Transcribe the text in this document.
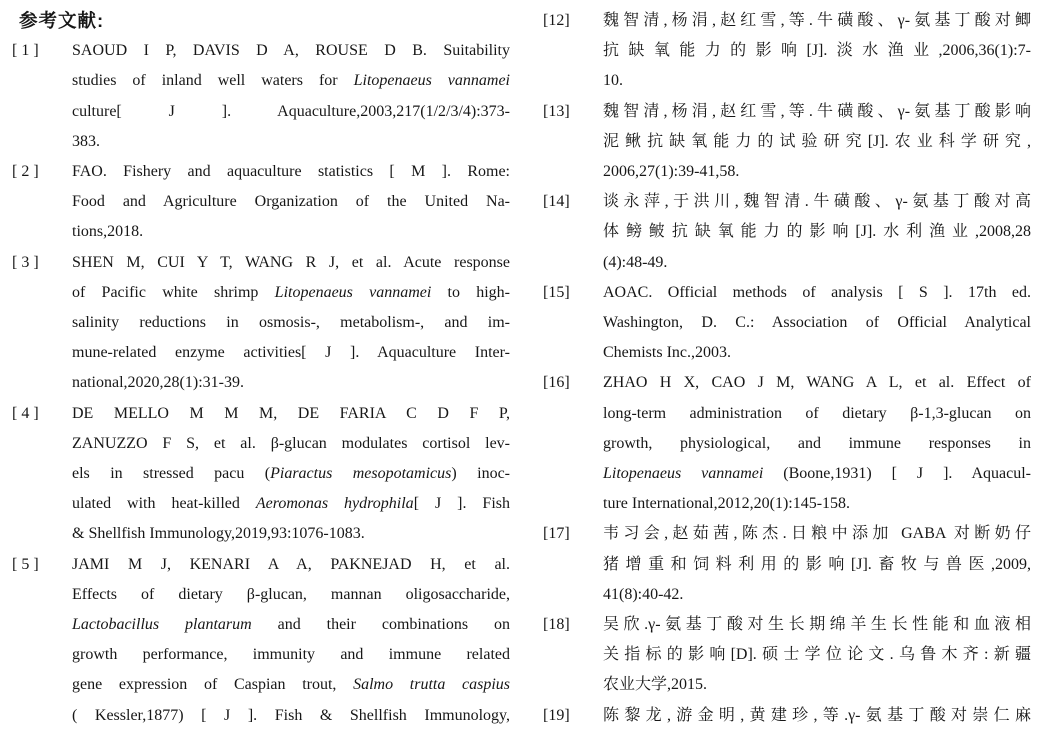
参考文献:
[ 1 ]	SAOUD I P, DAVIS D A, ROUSE D B. Suitability
studies of inland well waters for Litopenaeus vannamei
culture[ J ]. Aquaculture,2003,217(1/2/3/4):373-
383.
[ 2 ]	FAO. Fishery and aquaculture statistics [ M ]. Rome:
Food and Agriculture Organization of the United Na-
tions,2018.
[ 3 ]	SHEN M, CUI Y T, WANG R J, et al. Acute response
of Pacific white shrimp Litopenaeus vannamei to high-
salinity reductions in osmosis-, metabolism-, and im-
mune-related enzyme activities[ J ]. Aquaculture Inter-
national,2020,28(1):31-39.
[ 4 ]	DE MELLO M M M, DE FARIA C D F P,
ZANUZZO F S, et al. β-glucan modulates cortisol lev-
els in stressed pacu (Piaractus mesopotamicus) inoc-
ulated with heat-killed Aeromonas hydrophila[ J ]. Fish
& Shellfish Immunology,2019,93:1076-1083.
[ 5 ]	JAMI M J, KENARI A A, PAKNEJAD H, et al.
Effects of dietary β-glucan, mannan oligosaccharide,
Lactobacillus plantarum and their combinations on
growth performance, immunity and immune related
gene expression of Caspian trout, Salmo trutta caspius
( Kessler,1877) [ J ]. Fish & Shellfish Immunology,
[12]	魏智清,杨涓,赵红雪,等.牛磺酸、γ-氨基丁酸对鲫
抗缺氧能力的影响[J].淡水渔业,2006,36(1):7-
10.
[13]	魏智清,杨涓,赵红雪,等.牛磺酸、γ-氨基丁酸影响
泥鳅抗缺氧能力的试验研究[J].农业科学研究,
2006,27(1):39-41,58.
[14]	谈永萍,于洪川,魏智清.牛磺酸、γ-氨基丁酸对高
体鳑鲏抗缺氧能力的影响[J].水利渔业,2008,28
(4):48-49.
[15]	AOAC. Official methods of analysis [ S ]. 17th ed.
Washington, D. C.: Association of Official Analytical
Chemists Inc.,2003.
[16]	ZHAO H X, CAO J M, WANG A L, et al. Effect of
long-term administration of dietary β-1,3-glucan on
growth, physiological, and immune responses in
Litopenaeus vannamei (Boone,1931) [ J ]. Aquacul-
ture International,2012,20(1):145-158.
[17]	韦习会,赵茹茜,陈杰.日粮中添加 GABA 对断奶仔
猪增重和饲料利用的影响[J].畜牧与兽医,2009,
41(8):40-42.
[18]	吴欣.γ-氨基丁酸对生长期绵羊生长性能和血液相
关指标的影响[D].硕士学位论文.乌鲁木齐:新疆
农业大学,2015.
[19]	陈黎龙,游金明,黄建珍,等.γ-氨基丁酸对崇仁麻
